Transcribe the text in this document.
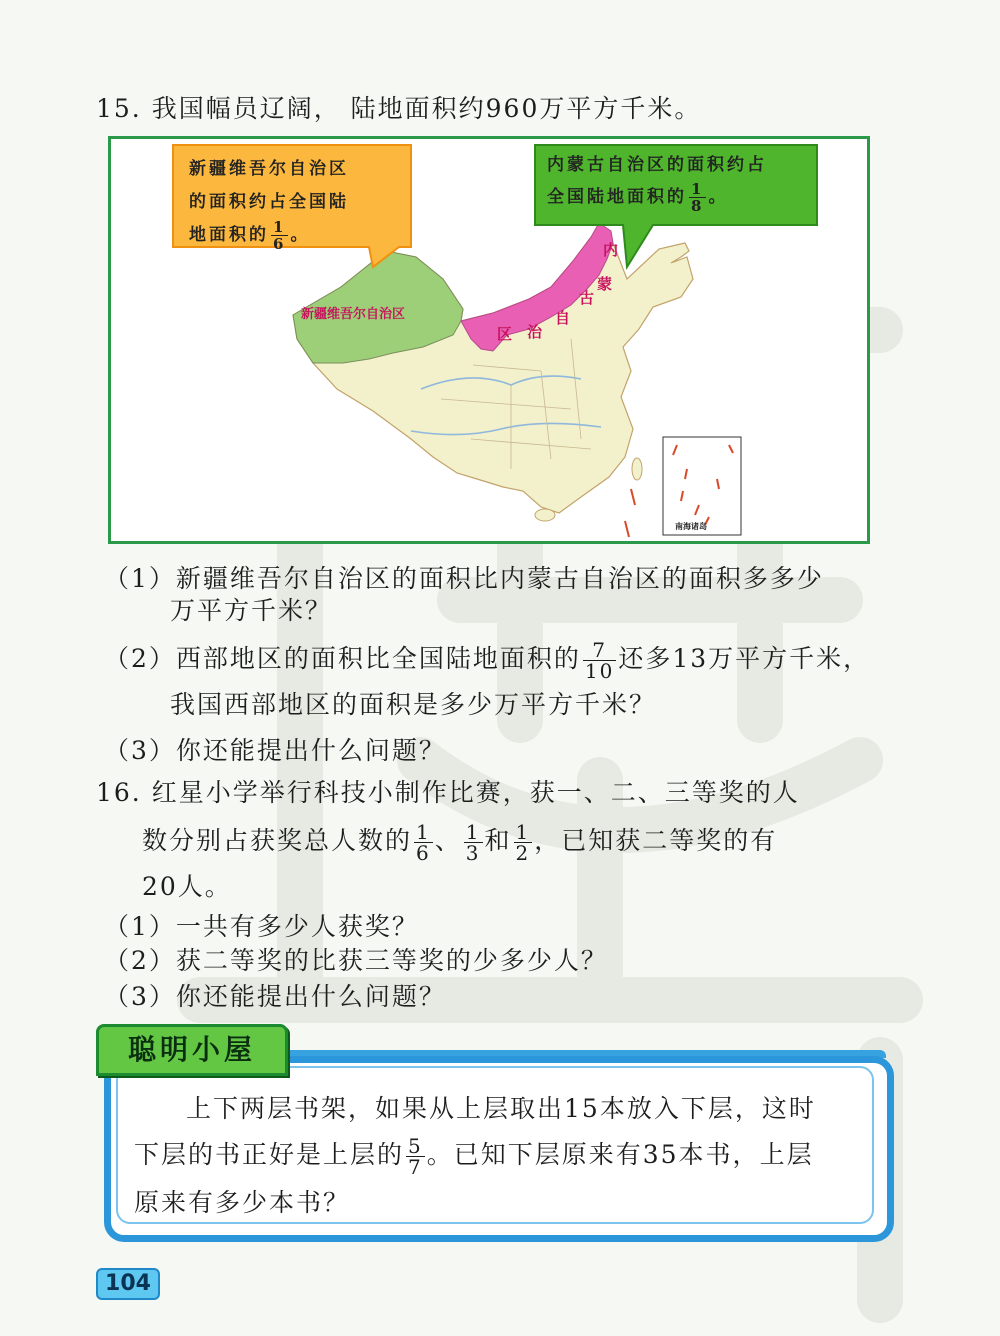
15. 我国幅员辽阔， 陆地面积约960万平方千米。
新疆维吾尔自治区
的面积约占全国陆
地面积的 $\frac{1}{6}$ 。
内蒙古自治区的面积约占
全国陆地面积的 $\frac{1}{8}$ 。
新疆维吾尔自治区
内
蒙
古
自
治
区
南海诸岛
（1）新疆维吾尔自治区的面积比内蒙古自治区的面积多多少
万平方千米？
（2）西部地区的面积比全国陆地面积的 $\frac{7}{10}$ 还多13万平方千米，
我国西部地区的面积是多少万平方千米？
（3）你还能提出什么问题？
16. 红星小学举行科技小制作比赛，获一、二、三等奖的人
数分别占获奖总人数的 $\frac{1}{6}$ 、 $\frac{1}{3}$ 和 $\frac{1}{2}$ ，已知获二等奖的有
20人。
（1）一共有多少人获奖？
（2）获二等奖的比获三等奖的少多少人？
（3）你还能提出什么问题？
聪明小屋
上下两层书架，如果从上层取出15本放入下层，这时
下层的书正好是上层的 $\frac{5}{7}$ 。已知下层原来有35本书，上层
原来有多少本书？
104
